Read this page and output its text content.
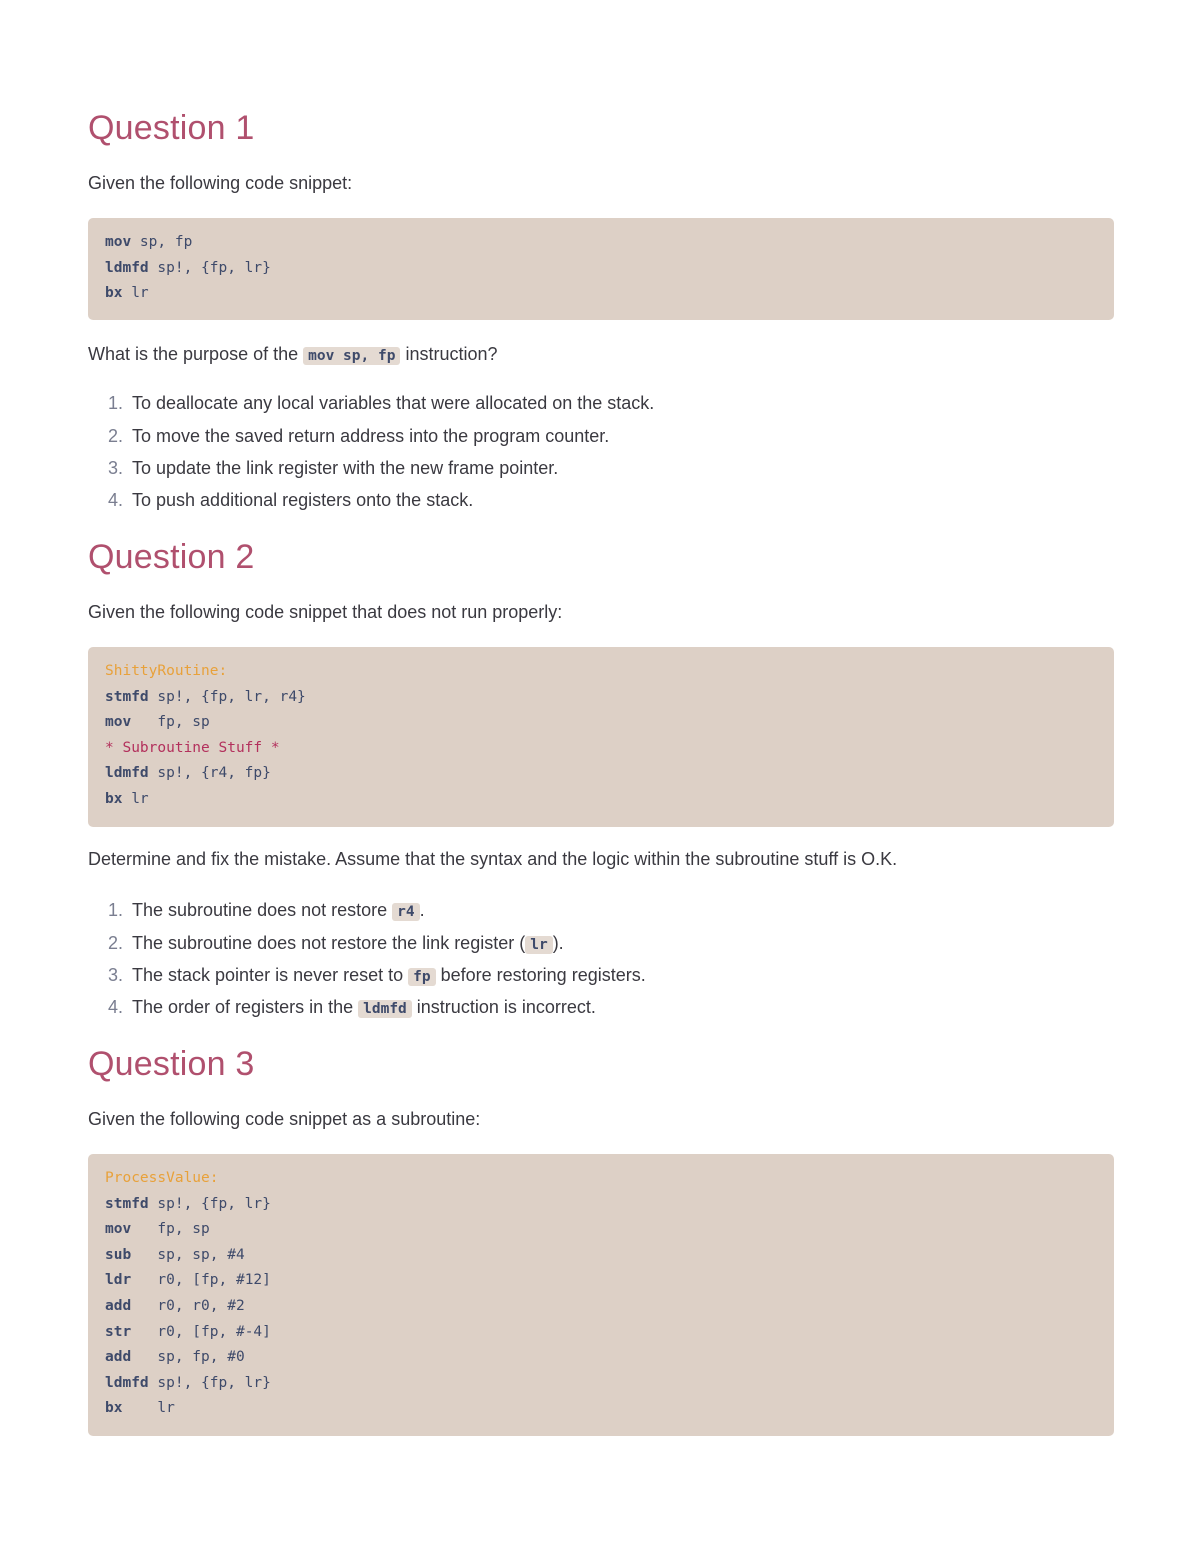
Question 1

Given the following code snippet:

mov sp, fp
ldmfd sp!, {fp, lr}
bx lr

What is the purpose of the mov sp, fp instruction?

1. To deallocate any local variables that were allocated on the stack.
2. To move the saved return address into the program counter.
3. To update the link register with the new frame pointer.
4. To push additional registers onto the stack.
Question 2

Given the following code snippet that does not run properly:

ShittyRoutine:
stmfd sp!, {fp, lr, r4}
mov   fp, sp
* Subroutine Stuff *
ldmfd sp!, {r4, fp}
bx lr

Determine and fix the mistake. Assume that the syntax and the logic within the subroutine stuff is O.K.

1. The subroutine does not restore r4 .
2. The subroutine does not restore the link register ( lr ).
3. The stack pointer is never reset to fp before restoring registers.
4. The order of registers in the ldmfd instruction is incorrect.
Question 3

Given the following code snippet as a subroutine:

ProcessValue:
stmfd sp!, {fp, lr}
mov   fp, sp
sub   sp, sp, #4
ldr   r0, [fp, #12]
add   r0, r0, #2
str   r0, [fp, #-4]
add   sp, fp, #0
ldmfd sp!, {fp, lr}
bx    lr
